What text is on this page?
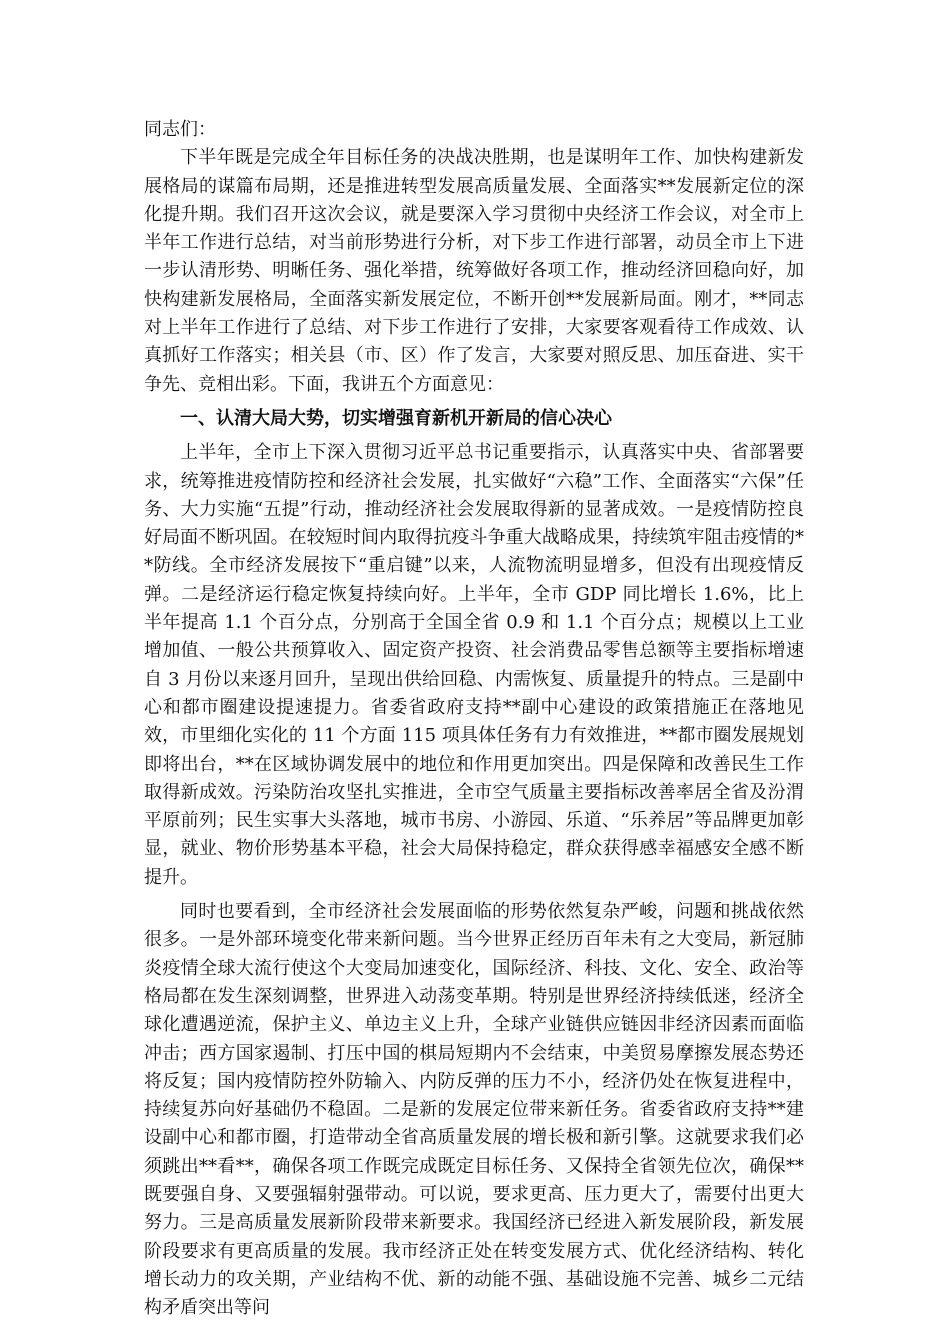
同志们：

下半年既是完成全年目标任务的决战决胜期，也是谋明年工作、加快构建新发展格局的谋篇布局期，还是推进转型发展高质量发展、全面落实**发展新定位的深化提升期。我们召开这次会议，就是要深入学习贯彻中央经济工作会议，对全市上半年工作进行总结，对当前形势进行分析，对下步工作进行部署，动员全市上下进一步认清形势、明晰任务、强化举措，统筹做好各项工作，推动经济回稳向好，加快构建新发展格局，全面落实新发展定位，不断开创**发展新局面。刚才，**同志对上半年工作进行了总结、对下步工作进行了安排，大家要客观看待工作成效、认真抓好工作落实；相关县（市、区）作了发言，大家要对照反思、加压奋进、实干争先、竞相出彩。下面，我讲五个方面意见：

一、认清大局大势，切实增强育新机开新局的信心决心

上半年，全市上下深入贯彻习近平总书记重要指示，认真落实中央、省部署要求，统筹推进疫情防控和经济社会发展，扎实做好“六稳”工作、全面落实“六保”任务、大力实施“五提”行动，推动经济社会发展取得新的显著成效。一是疫情防控良好局面不断巩固。在较短时间内取得抗疫斗争重大战略成果，持续筑牢阻击疫情的**防线。全市经济发展按下“重启键”以来，人流物流明显增多，但没有出现疫情反弹。二是经济运行稳定恢复持续向好。上半年，全市 GDP 同比增长 1.6%，比上半年提高 1.1 个百分点，分别高于全国全省 0.9 和 1.1 个百分点；规模以上工业增加值、一般公共预算收入、固定资产投资、社会消费品零售总额等主要指标增速自 3 月份以来逐月回升，呈现出供给回稳、内需恢复、质量提升的特点。三是副中心和都市圈建设提速提力。省委省政府支持**副中心建设的政策措施正在落地见效，市里细化实化的 11 个方面 115 项具体任务有力有效推进，**都市圈发展规划即将出台，**在区域协调发展中的地位和作用更加突出。四是保障和改善民生工作取得新成效。污染防治攻坚扎实推进，全市空气质量主要指标改善率居全省及汾渭平原前列；民生实事大头落地，城市书房、小游园、乐道、“乐养居”等品牌更加彰显，就业、物价形势基本平稳，社会大局保持稳定，群众获得感幸福感安全感不断提升。

同时也要看到，全市经济社会发展面临的形势依然复杂严峻，问题和挑战依然很多。一是外部环境变化带来新问题。当今世界正经历百年未有之大变局，新冠肺炎疫情全球大流行使这个大变局加速变化，国际经济、科技、文化、安全、政治等格局都在发生深刻调整，世界进入动荡变革期。特别是世界经济持续低迷，经济全球化遭遇逆流，保护主义、单边主义上升，全球产业链供应链因非经济因素而面临冲击；西方国家遏制、打压中国的棋局短期内不会结束，中美贸易摩擦发展态势还将反复；国内疫情防控外防输入、内防反弹的压力不小，经济仍处在恢复进程中，持续复苏向好基础仍不稳固。二是新的发展定位带来新任务。省委省政府支持**建设副中心和都市圈，打造带动全省高质量发展的增长极和新引擎。这就要求我们必须跳出**看**，确保各项工作既完成既定目标任务、又保持全省领先位次，确保**既要强自身、又要强辐射强带动。可以说，要求更高、压力更大了，需要付出更大努力。三是高质量发展新阶段带来新要求。我国经济已经进入新发展阶段，新发展阶段要求有更高质量的发展。我市经济正处在转变发展方式、优化经济结构、转化增长动力的攻关期，产业结构不优、新的动能不强、基础设施不完善、城乡二元结构矛盾突出等问
